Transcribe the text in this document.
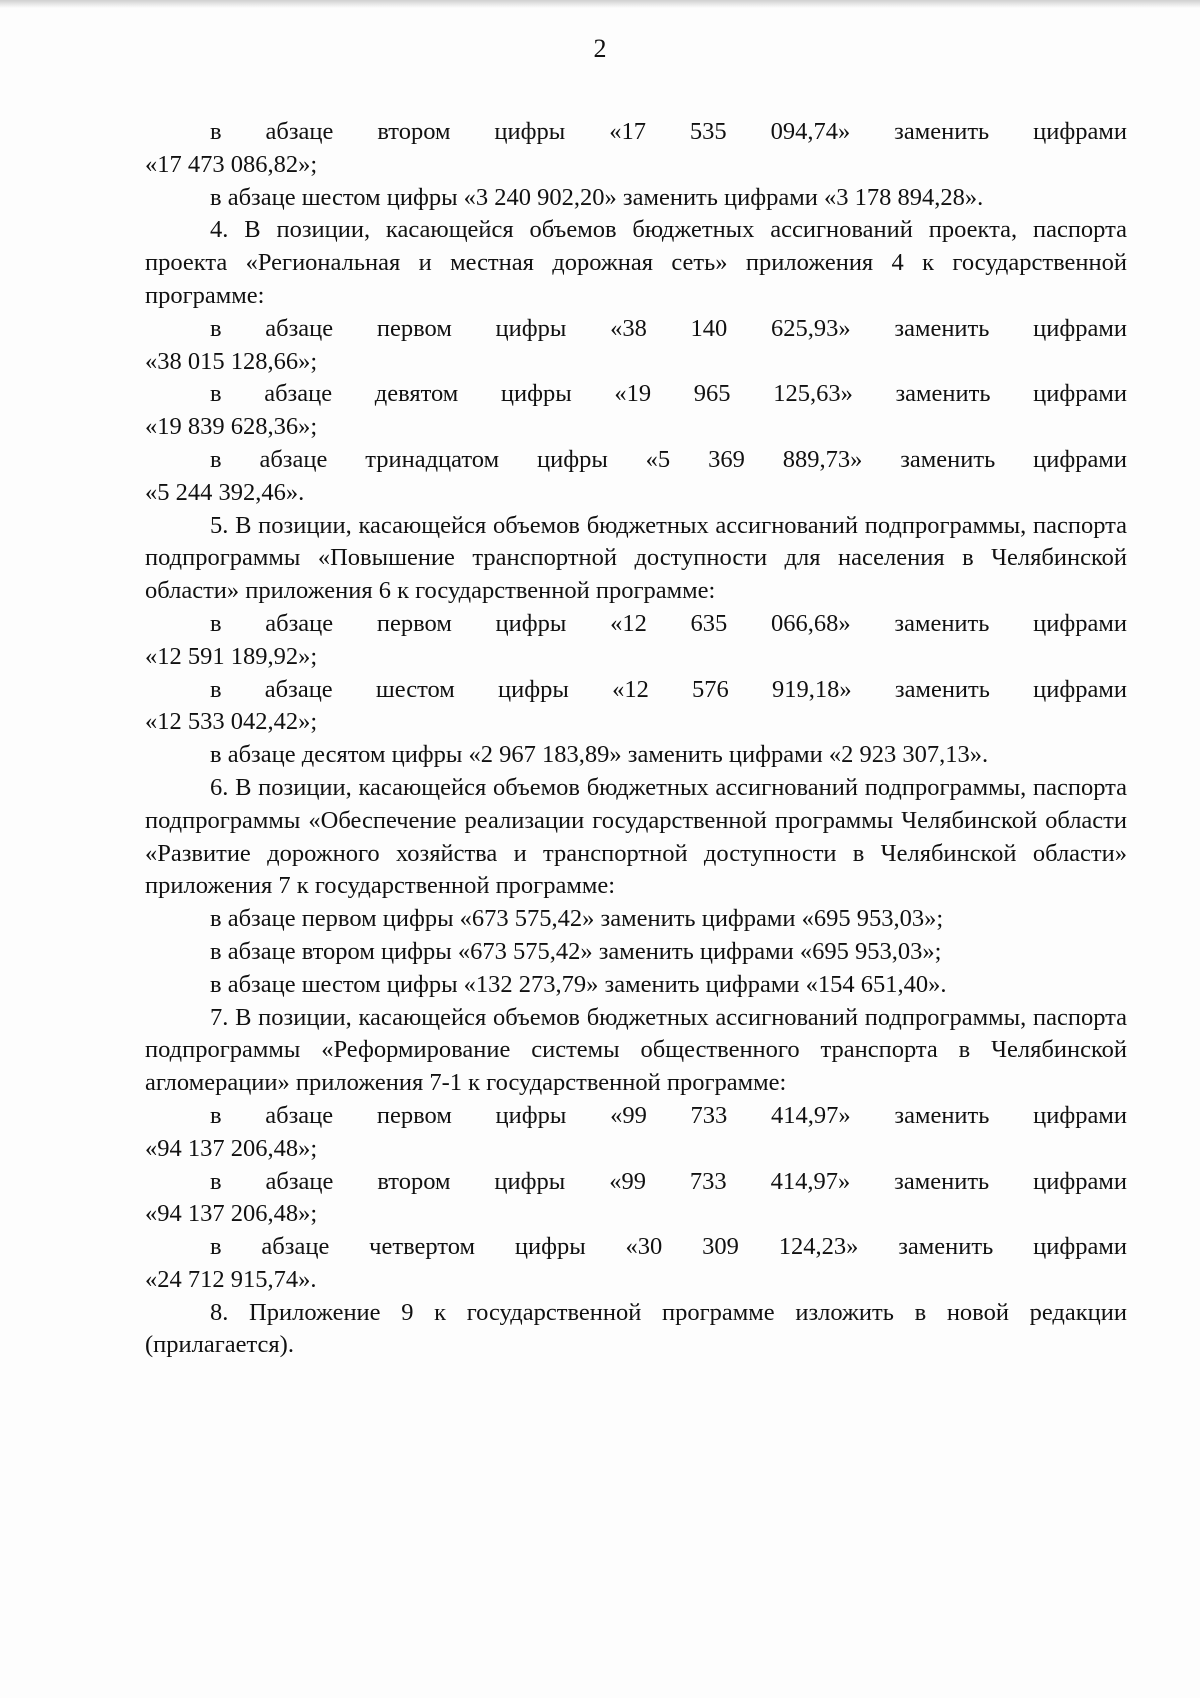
2

в абзаце втором цифры «17 535 094,74» заменить цифрами

«17 473 086,82»;

в абзаце шестом цифры «3 240 902,20» заменить цифрами «3 178 894,28».

4. В позиции, касающейся объемов бюджетных ассигнований проекта, паспорта проекта «Региональная и местная дорожная сеть» приложения 4 к государственной программе:

в абзаце первом цифры «38 140 625,93» заменить цифрами

«38 015 128,66»;

в абзаце девятом цифры «19 965 125,63» заменить цифрами

«19 839 628,36»;

в абзаце тринадцатом цифры «5 369 889,73» заменить цифрами

«5 244 392,46».

5. В позиции, касающейся объемов бюджетных ассигнований подпрограммы, паспорта подпрограммы «Повышение транспортной доступности для населения в Челябинской области» приложения 6 к государственной программе:

в абзаце первом цифры «12 635 066,68» заменить цифрами

«12 591 189,92»;

в абзаце шестом цифры «12 576 919,18» заменить цифрами

«12 533 042,42»;

в абзаце десятом цифры «2 967 183,89» заменить цифрами «2 923 307,13».

6. В позиции, касающейся объемов бюджетных ассигнований подпрограммы, паспорта подпрограммы «Обеспечение реализации государственной программы Челябинской области «Развитие дорожного хозяйства и транспортной доступности в Челябинской области» приложения 7 к государственной программе:

в абзаце первом цифры «673 575,42» заменить цифрами «695 953,03»;

в абзаце втором цифры «673 575,42» заменить цифрами «695 953,03»;

в абзаце шестом цифры «132 273,79» заменить цифрами «154 651,40».

7. В позиции, касающейся объемов бюджетных ассигнований подпрограммы, паспорта подпрограммы «Реформирование системы общественного транспорта в Челябинской агломерации» приложения 7-1 к государственной программе:

в абзаце первом цифры «99 733 414,97» заменить цифрами

«94 137 206,48»;

в абзаце втором цифры «99 733 414,97» заменить цифрами

«94 137 206,48»;

в абзаце четвертом цифры «30 309 124,23» заменить цифрами

«24 712 915,74».

8. Приложение 9 к государственной программе изложить в новой редакции (прилагается).
